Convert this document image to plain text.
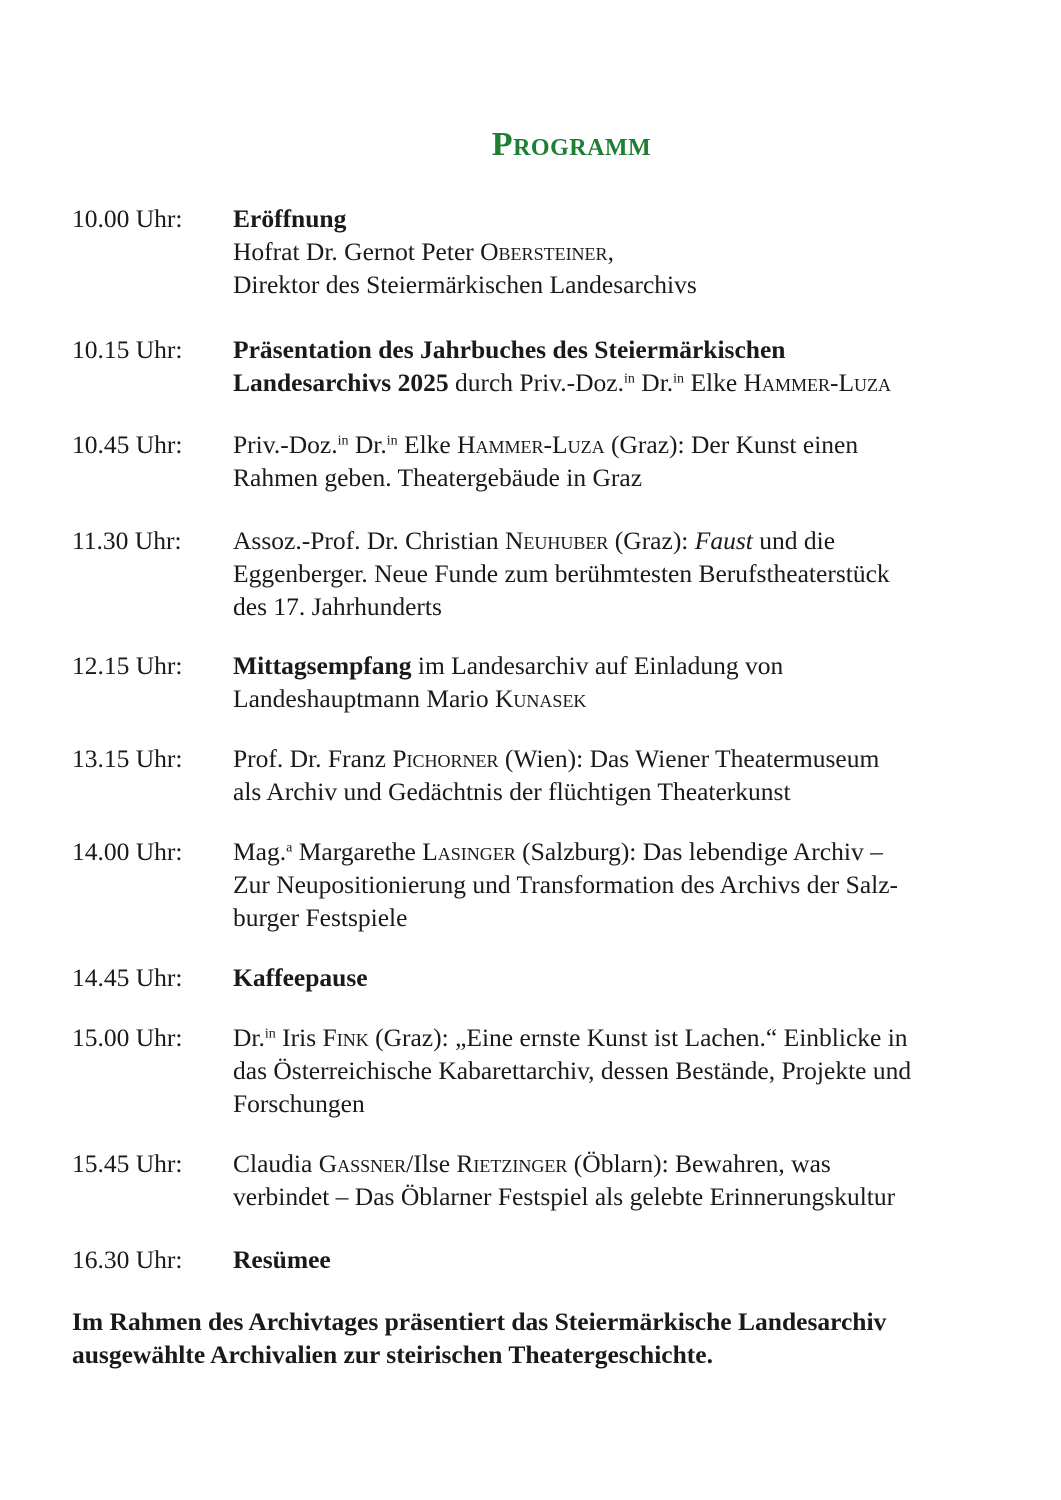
Programm
10.00 Uhr:	Eröffnung
Hofrat Dr. Gernot Peter Obersteiner,
Direktor des Steiermärkischen Landesarchivs
10.15 Uhr:	Präsentation des Jahrbuches des Steiermärkischen
Landesarchivs 2025 durch Priv.-Doz.$^{in}$ Dr.$^{in}$ Elke Hammer-Luza
10.45 Uhr:	Priv.-Doz.$^{in}$ Dr.$^{in}$ Elke Hammer-Luza (Graz): Der Kunst einen
Rahmen geben. Theatergebäude in Graz
11.30 Uhr:	Assoz.-Prof. Dr. Christian Neuhuber (Graz): Faust und die
Eggenberger. Neue Funde zum berühmtesten Berufstheaterstück
des 17. Jahrhunderts
12.15 Uhr:	Mittagsempfang im Landesarchiv auf Einladung von
Landeshauptmann Mario Kunasek
13.15 Uhr:	Prof. Dr. Franz Pichorner (Wien): Das Wiener Theatermuseum
als Archiv und Gedächtnis der flüchtigen Theaterkunst
14.00 Uhr:	Mag.$^a$ Margarethe Lasinger (Salzburg): Das lebendige Archiv –
Zur Neupositionierung und Transformation des Archivs der Salz-
burger Festspiele
14.45 Uhr:	Kaffeepause
15.00 Uhr:	Dr.$^{in}$ Iris Fink (Graz): „Eine ernste Kunst ist Lachen.“ Einblicke in
das Österreichische Kabarettarchiv, dessen Bestände, Projekte und
Forschungen
15.45 Uhr:	Claudia Gassner/Ilse Rietzinger (Öblarn): Bewahren, was
verbindet – Das Öblarner Festspiel als gelebte Erinnerungskultur
16.30 Uhr:	Resümee
Im Rahmen des Archivtages präsentiert das Steiermärkische Landesarchiv
ausgewählte Archivalien zur steirischen Theatergeschichte.
